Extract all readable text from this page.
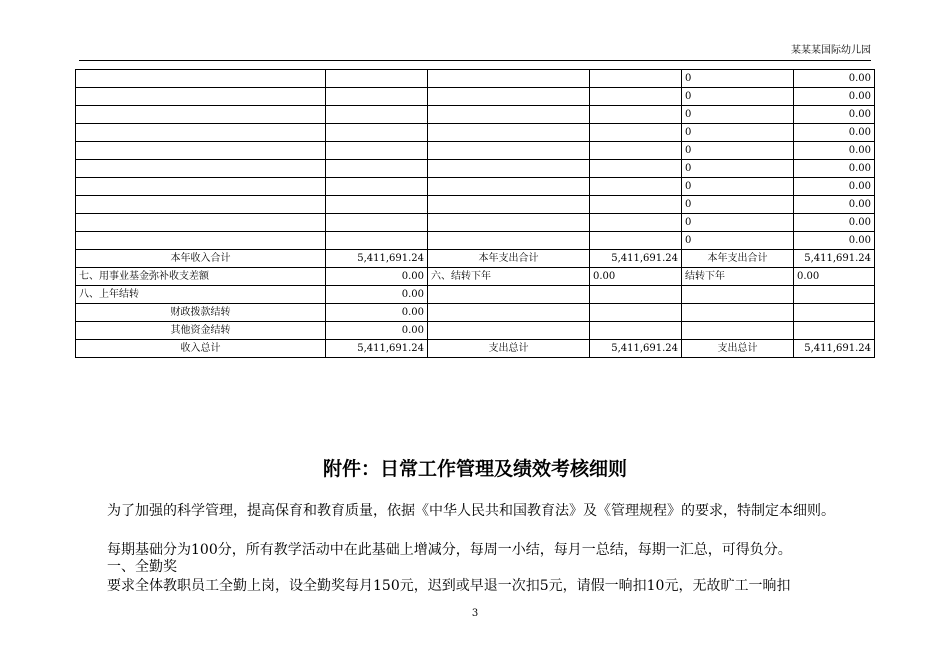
某某某国际幼儿园
				0	0.00
				0	0.00
				0	0.00
				0	0.00
				0	0.00
				0	0.00
				0	0.00
				0	0.00
				0	0.00
				0	0.00
本年收入合计	5,411,691.24	本年支出合计	5,411,691.24	本年支出合计	5,411,691.24
七、用事业基金弥补收支差额	0.00	六、结转下年	0.00	结转下年	0.00
八、上年结转	0.00				
财政拨款结转	0.00				
其他资金结转	0.00				
收入总计	5,411,691.24	支出总计	5,411,691.24	支出总计	5,411,691.24
附件：日常工作管理及绩效考核细则
为了加强的科学管理，提高保育和教育质量，依据《中华人民共和国教育法》及《管理规程》的要求，特制定本细则。
每期基础分为100分，所有教学活动中在此基础上增减分，每周一小结，每月一总结，每期一汇总，可得负分。
一、全勤奖
要求全体教职员工全勤上岗，设全勤奖每月150元，迟到或早退一次扣5元，请假一晌扣10元，无故旷工一晌扣
3
